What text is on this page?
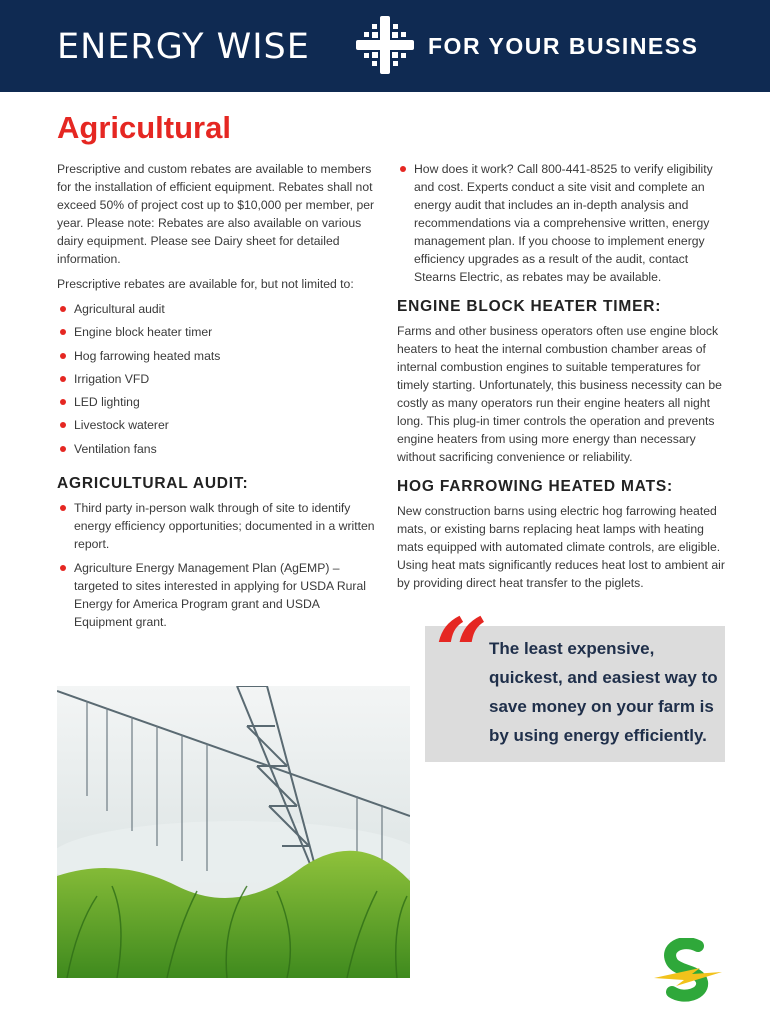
ENERGY WISE	FOR YOUR BUSINESS
Agricultural

Prescriptive and custom rebates are available to members for the installation of efficient equipment. Rebates shall not exceed 50% of project cost up to $10,000 per member, per year. Please note: Rebates are also available on various dairy equipment. Please see Dairy sheet for detailed information.

Prescriptive rebates are available for, but not limited to:

Agricultural audit
Engine block heater timer
Hog farrowing heated mats
Irrigation VFD
LED lighting
Livestock waterer
Ventilation fans
AGRICULTURAL AUDIT:
Third party in-person walk through of site to identify energy efficiency opportunities; documented in a written report.
Agriculture Energy Management Plan (AgEMP) – targeted to sites interested in applying for USDA Rural Energy for America Program grant and USDA Equipment grant.
How does it work? Call 800-441-8525 to verify eligibility and cost. Experts conduct a site visit and complete an energy audit that includes an in-depth analysis and recommendations via a comprehensive written, energy management plan. If you choose to implement energy efficiency upgrades as a result of the audit, contact Stearns Electric, as rebates may be available.
ENGINE BLOCK HEATER TIMER:

Farms and other business operators often use engine block heaters to heat the internal combustion chamber areas of internal combustion engines to suitable temperatures for timely starting. Unfortunately, this business necessity can be costly as many operators run their engine heaters all night long. This plug-in timer controls the operation and prevents engine heaters from using more energy than necessary without sacrificing convenience or reliability.

HOG FARROWING HEATED MATS:

New construction barns using electric hog farrowing heated mats, or existing barns replacing heat lamps with heating mats equipped with automated climate controls, are eligible. Using heat mats significantly reduces heat lost to ambient air by providing direct heat transfer to the piglets.

“ The least expensive, quickest, and easiest way to save money on your farm is by using energy efficiently.
